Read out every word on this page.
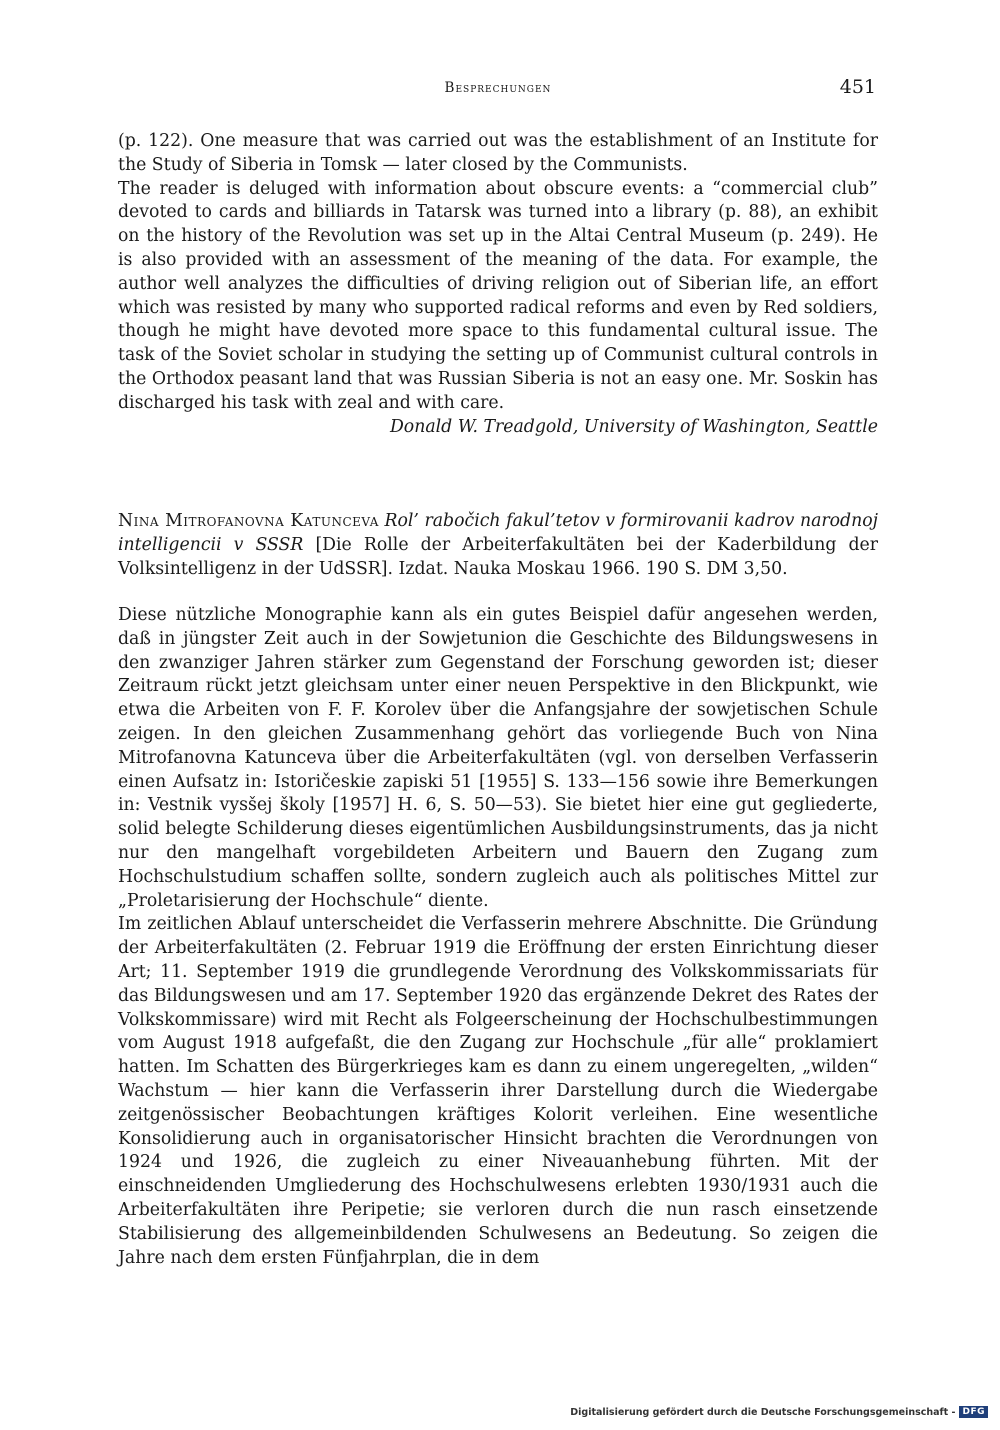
Besprechungen	451

(p. 122). One measure that was carried out was the establishment of an Institute for the Study of Siberia in Tomsk — later closed by the Communists.

The reader is deluged with information about obscure events: a “commercial club” devoted to cards and billiards in Tatarsk was turned into a library (p. 88), an exhibit on the history of the Revolution was set up in the Altai Central Museum (p. 249). He is also provided with an assessment of the meaning of the data. For example, the author well analyzes the difficulties of driving religion out of Siberian life, an effort which was resisted by many who supported radical reforms and even by Red soldiers, though he might have devoted more space to this fundamental cultural issue. The task of the Soviet scholar in studying the setting up of Communist cultural controls in the Orthodox peasant land that was Russian Siberia is not an easy one. Mr. Soskin has discharged his task with zeal and with care.

Donald W. Treadgold, University of Washington, Seattle

Nina Mitrofanovna Katunceva Rol’ rabočich fakul’tetov v formirovanii kadrov narodnoj intelligencii v SSSR [Die Rolle der Arbeiterfakultäten bei der Kaderbildung der Volksintelligenz in der UdSSR]. Izdat. Nauka Moskau 1966. 190 S. DM 3,50.

Diese nützliche Monographie kann als ein gutes Beispiel dafür angesehen werden, daß in jüngster Zeit auch in der Sowjetunion die Geschichte des Bildungswesens in den zwanziger Jahren stärker zum Gegenstand der Forschung geworden ist; dieser Zeitraum rückt jetzt gleichsam unter einer neuen Perspektive in den Blickpunkt, wie etwa die Arbeiten von F. F. Korolev über die Anfangsjahre der sowjetischen Schule zeigen. In den gleichen Zusammenhang gehört das vorliegende Buch von Nina Mitrofanovna Katunceva über die Arbeiterfakultäten (vgl. von derselben Verfasserin einen Aufsatz in: Istoričeskie zapiski 51 [1955] S. 133—156 sowie ihre Bemerkungen in: Vestnik vysšej školy [1957] H. 6, S. 50—53). Sie bietet hier eine gut gegliederte, solid belegte Schilderung dieses eigentümlichen Ausbildungsinstruments, das ja nicht nur den mangelhaft vorgebildeten Arbeitern und Bauern den Zugang zum Hochschulstudium schaffen sollte, sondern zugleich auch als politisches Mittel zur „Proletarisierung der Hochschule“ diente.

Im zeitlichen Ablauf unterscheidet die Verfasserin mehrere Abschnitte. Die Gründung der Arbeiterfakultäten (2. Februar 1919 die Eröffnung der ersten Einrichtung dieser Art; 11. September 1919 die grundlegende Verordnung des Volkskommissariats für das Bildungswesen und am 17. September 1920 das ergänzende Dekret des Rates der Volkskommissare) wird mit Recht als Folgeerscheinung der Hochschulbestimmungen vom August 1918 aufgefaßt, die den Zugang zur Hochschule „für alle“ proklamiert hatten. Im Schatten des Bürgerkrieges kam es dann zu einem ungeregelten, „wilden“ Wachstum — hier kann die Verfasserin ihrer Darstellung durch die Wiedergabe zeitgenössischer Beobachtungen kräftiges Kolorit verleihen. Eine wesentliche Konsolidierung auch in organisatorischer Hinsicht brachten die Verordnungen von 1924 und 1926, die zugleich zu einer Niveauanhebung führten. Mit der einschneidenden Umgliederung des Hochschulwesens erlebten 1930/1931 auch die Arbeiterfakultäten ihre Peripetie; sie verloren durch die nun rasch einsetzende Stabilisierung des allgemeinbildenden Schulwesens an Bedeutung. So zeigen die Jahre nach dem ersten Fünfjahrplan, die in dem

Digitalisierung gefördert durch die Deutsche Forschungsgemeinschaft - DFG
